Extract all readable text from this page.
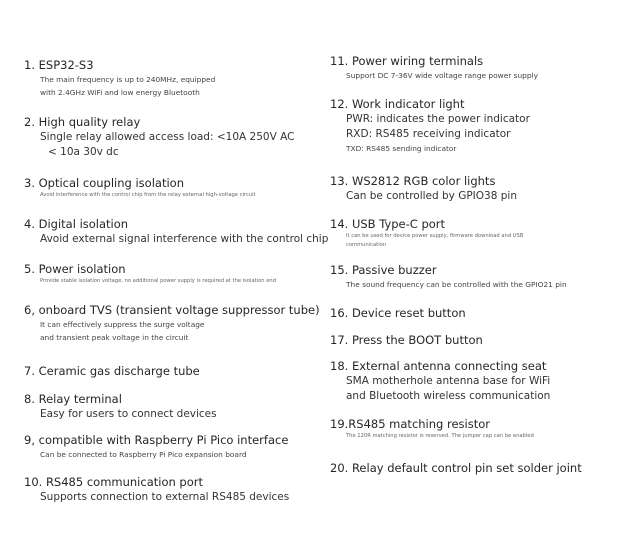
1. ESP32-S3
The main frequency is up to 240MHz, equipped
with 2.4GHz WiFi and low energy Bluetooth
2. High quality relay
Single relay allowed access load: <10A 250V AC
< 10a 30v dc
3. Optical coupling isolation
Avoid interference with the control chip from the relay external high-voltage circuit
4. Digital isolation
Avoid external signal interference with the control chip
5. Power isolation
Provide stable isolation voltage, no additional power supply is required at the isolation end
6, onboard TVS (transient voltage suppressor tube)
It can effectively suppress the surge voltage
and transient peak voltage in the circuit
7. Ceramic gas discharge tube
8. Relay terminal
Easy for users to connect devices
9, compatible with Raspberry Pi Pico interface
Can be connected to Raspberry Pi Pico expansion board
10. RS485 communication port
Supports connection to external RS485 devices
11. Power wiring terminals
Support DC 7-36V wide voltage range power supply
12. Work indicator light
PWR: indicates the power indicator
RXD: RS485 receiving indicator
TXD: RS485 sending indicator
13. WS2812 RGB color lights
Can be controlled by GPIO38 pin
14. USB Type-C port
It can be used for device power supply, firmware download and USB
communication
15. Passive buzzer
The sound frequency can be controlled with the GPIO21 pin
16. Device reset button
17. Press the BOOT button
18. External antenna connecting seat
SMA motherhole antenna base for WiFi
and Bluetooth wireless communication
19.RS485 matching resistor
The 120R matching resistor is reserved. The jumper cap can be enabled
20. Relay default control pin set solder joint
